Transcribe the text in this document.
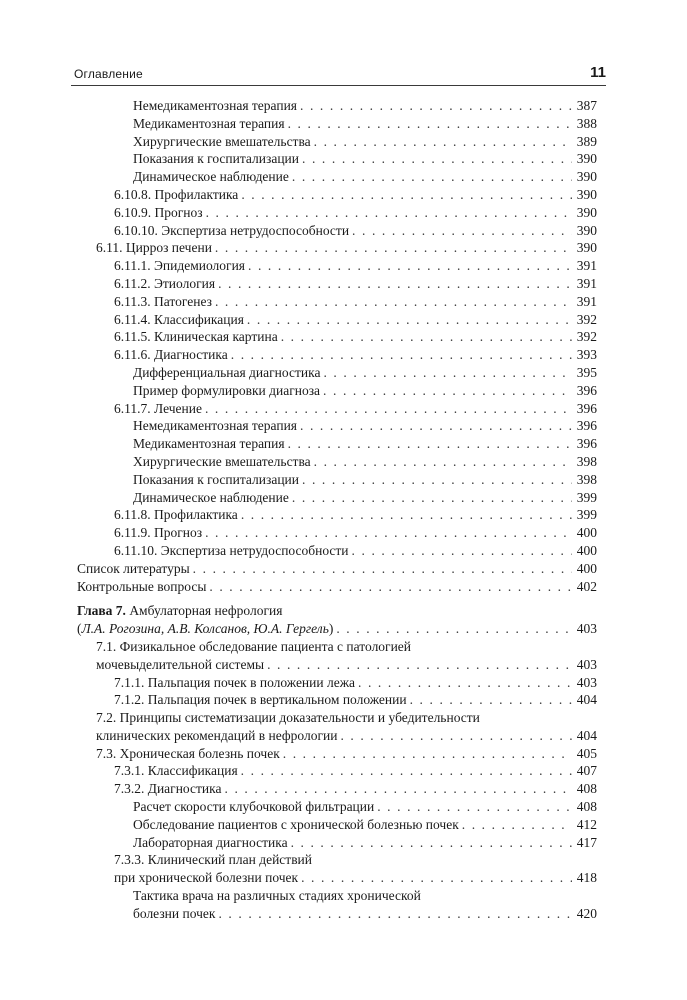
Оглавление	11
Немедикаментозная терапия . . .	387
Медикаментозная терапия . . .	388
Хирургические вмешательства . . .	389
Показания к госпитализации . . .	390
Динамическое наблюдение . . .	390
6.10.8. Профилактика . . .	390
6.10.9. Прогноз . . .	390
6.10.10. Экспертиза нетрудоспособности . . .	390
6.11. Цирроз печени . . .	390
6.11.1. Эпидемиология . . .	391
6.11.2. Этиология . . .	391
6.11.3. Патогенез . . .	391
6.11.4. Классификация . . .	392
6.11.5. Клиническая картина . . .	392
6.11.6. Диагностика . . .	393
Дифференциальная диагностика . . .	395
Пример формулировки диагноза . . .	396
6.11.7. Лечение . . .	396
Немедикаментозная терапия . . .	396
Медикаментозная терапия . . .	396
Хирургические вмешательства . . .	398
Показания к госпитализации . . .	398
Динамическое наблюдение . . .	399
6.11.8. Профилактика . . .	399
6.11.9. Прогноз . . .	400
6.11.10. Экспертиза нетрудоспособности . . .	400
Список литературы . . .	400
Контрольные вопросы . . .	402
Глава 7. Амбулаторная нефрология
(Л.А. Рогозина, А.В. Колсанов, Ю.А. Гергель) . . .	403
7.1. Физикальное обследование пациента с патологией
мочевыделительной системы . . .	403
7.1.1. Пальпация почек в положении лежа . . .	403
7.1.2. Пальпация почек в вертикальном положении . . .	404
7.2. Принципы систематизации доказательности и убедительности
клинических рекомендаций в нефрологии . . .	404
7.3. Хроническая болезнь почек . . .	405
7.3.1. Классификация . . .	407
7.3.2. Диагностика . . .	408
Расчет скорости клубочковой фильтрации . . .	408
Обследование пациентов с хронической болезнью почек . . .	412
Лабораторная диагностика . . .	417
7.3.3. Клинический план действий
при хронической болезни почек . . .	418
Тактика врача на различных стадиях хронической
болезни почек . . .	420
